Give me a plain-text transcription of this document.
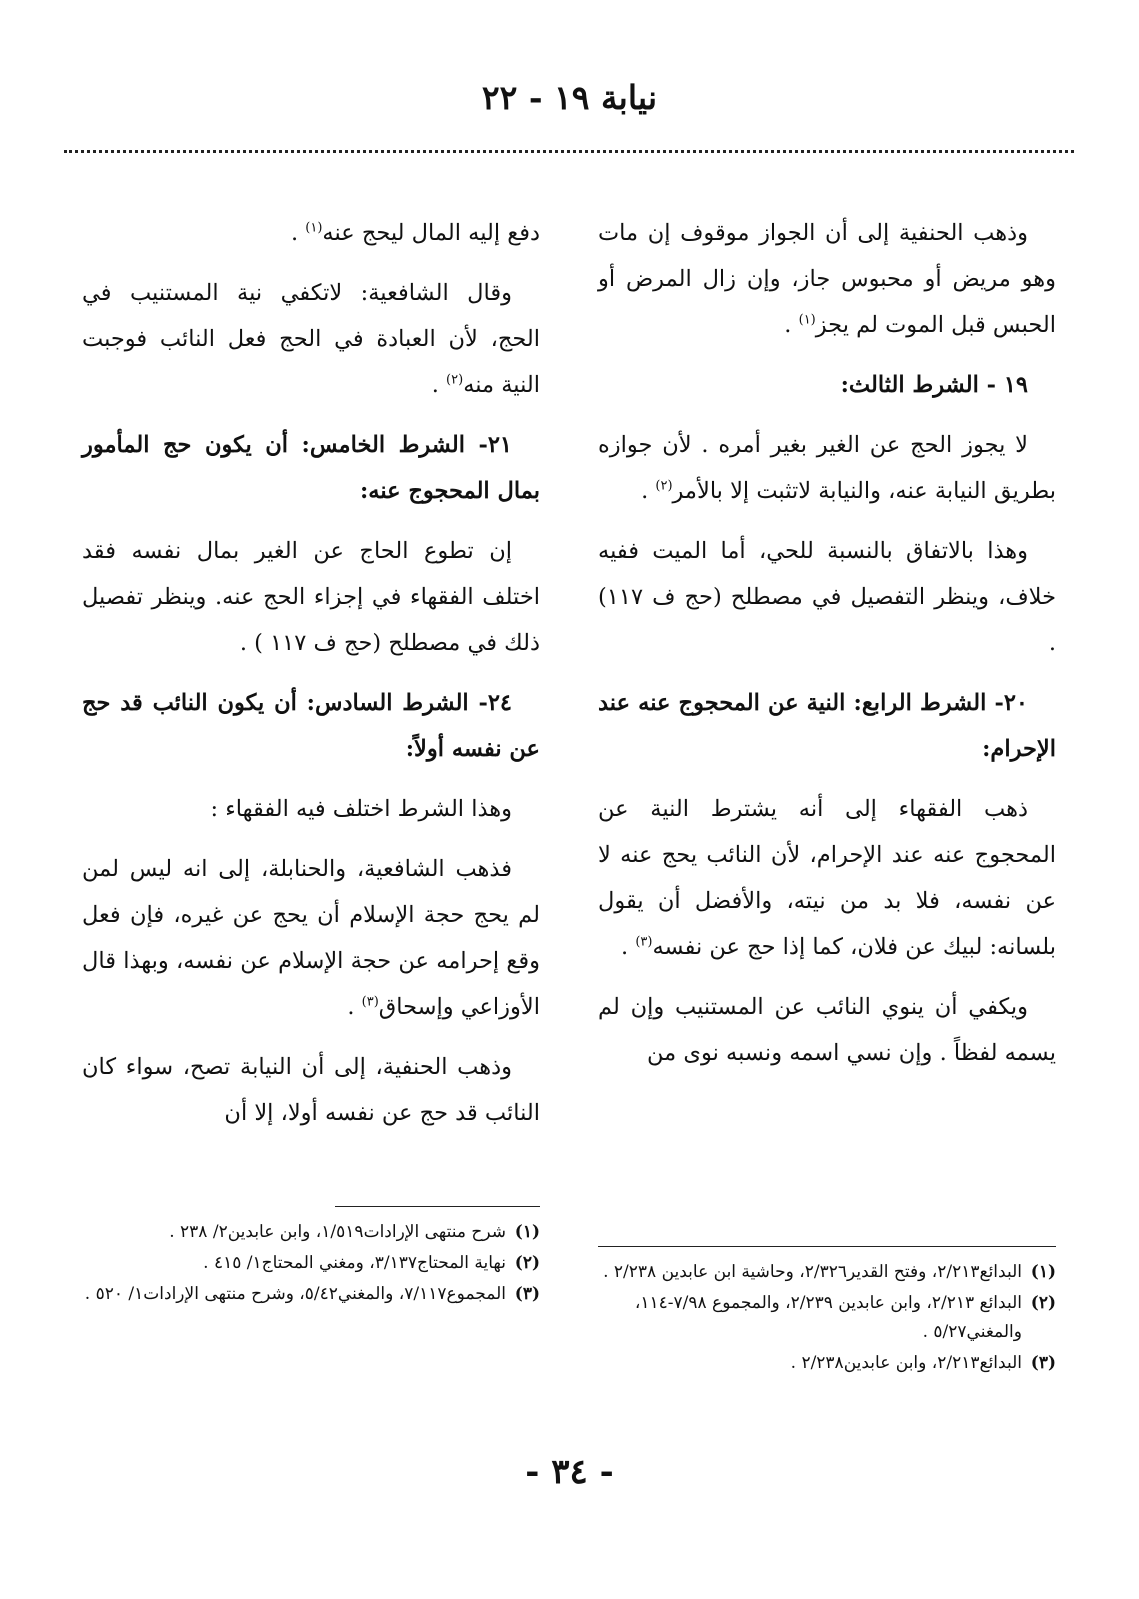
نيابة ١٩ - ٢٢

وذهب الحنفية إلى أن الجواز موقوف إن مات وهو مريض أو محبوس جاز، وإن زال المرض أو الحبس قبل الموت لم يجز$^{(١)}$ .

١٩ - الشرط الثالث:

لا يجوز الحج عن الغير بغير أمره . لأن جوازه بطريق النيابة عنه، والنيابة لاتثبت إلا بالأمر$^{(٢)}$ .

وهذا بالاتفاق بالنسبة للحي، أما الميت ففيه خلاف، وينظر التفصيل في مصطلح (حج ف ١١٧) .

٢٠- الشرط الرابع: النية عن المحجوج عنه عند الإحرام:

ذهب الفقهاء إلى أنه يشترط النية عن المحجوج عنه عند الإحرام، لأن النائب يحج عنه لا عن نفسه، فلا بد من نيته، والأفضل أن يقول بلسانه: لبيك عن فلان، كما إذا حج عن نفسه$^{(٣)}$ .

ويكفي أن ينوي النائب عن المستنيب وإن لم يسمه لفظاً . وإن نسي اسمه ونسبه نوى من

دفع إليه المال ليحج عنه$^{(١)}$ .

وقال الشافعية: لاتكفي نية المستنيب في الحج، لأن العبادة في الحج فعل النائب فوجبت النية منه$^{(٢)}$ .

٢١- الشرط الخامس: أن يكون حج المأمور بمال المحجوج عنه:

إن تطوع الحاج عن الغير بمال نفسه فقد اختلف الفقهاء في إجزاء الحج عنه. وينظر تفصيل ذلك في مصطلح (حج ف ١١٧ ) .

٢٤- الشرط السادس: أن يكون النائب قد حج عن نفسه أولاً:

وهذا الشرط اختلف فيه الفقهاء :

فذهب الشافعية، والحنابلة، إلى انه ليس لمن لم يحج حجة الإسلام أن يحج عن غيره، فإن فعل وقع إحرامه عن حجة الإسلام عن نفسه، وبهذا قال الأوزاعي وإسحاق$^{(٣)}$ .

وذهب الحنفية، إلى أن النيابة تصح، سواء كان النائب قد حج عن نفسه أولا، إلا أن

(١)
البدائع٢/٢١٣، وفتح القدير٢/٣٢٦، وحاشية ابن عابدين ٢/٢٣٨ .
(٢)
البدائع ٢/٢١٣، وابن عابدين ٢/٢٣٩، والمجموع ٧/٩٨-١١٤، والمغني٥/٢٧ .
(٣)
البدائع٢/٢١٣، وابن عابدين٢/٢٣٨ .
(١)
شرح منتهى الإرادات١/٥١٩، وابن عابدين٢/ ٢٣٨ .
(٢)
نهاية المحتاج٣/١٣٧، ومغني المحتاج١/ ٤١٥ .
(٣)
المجموع٧/١١٧، والمغني٥/٤٢، وشرح منتهى الإرادات١/ ٥٢٠ .
- ٣٤ -
